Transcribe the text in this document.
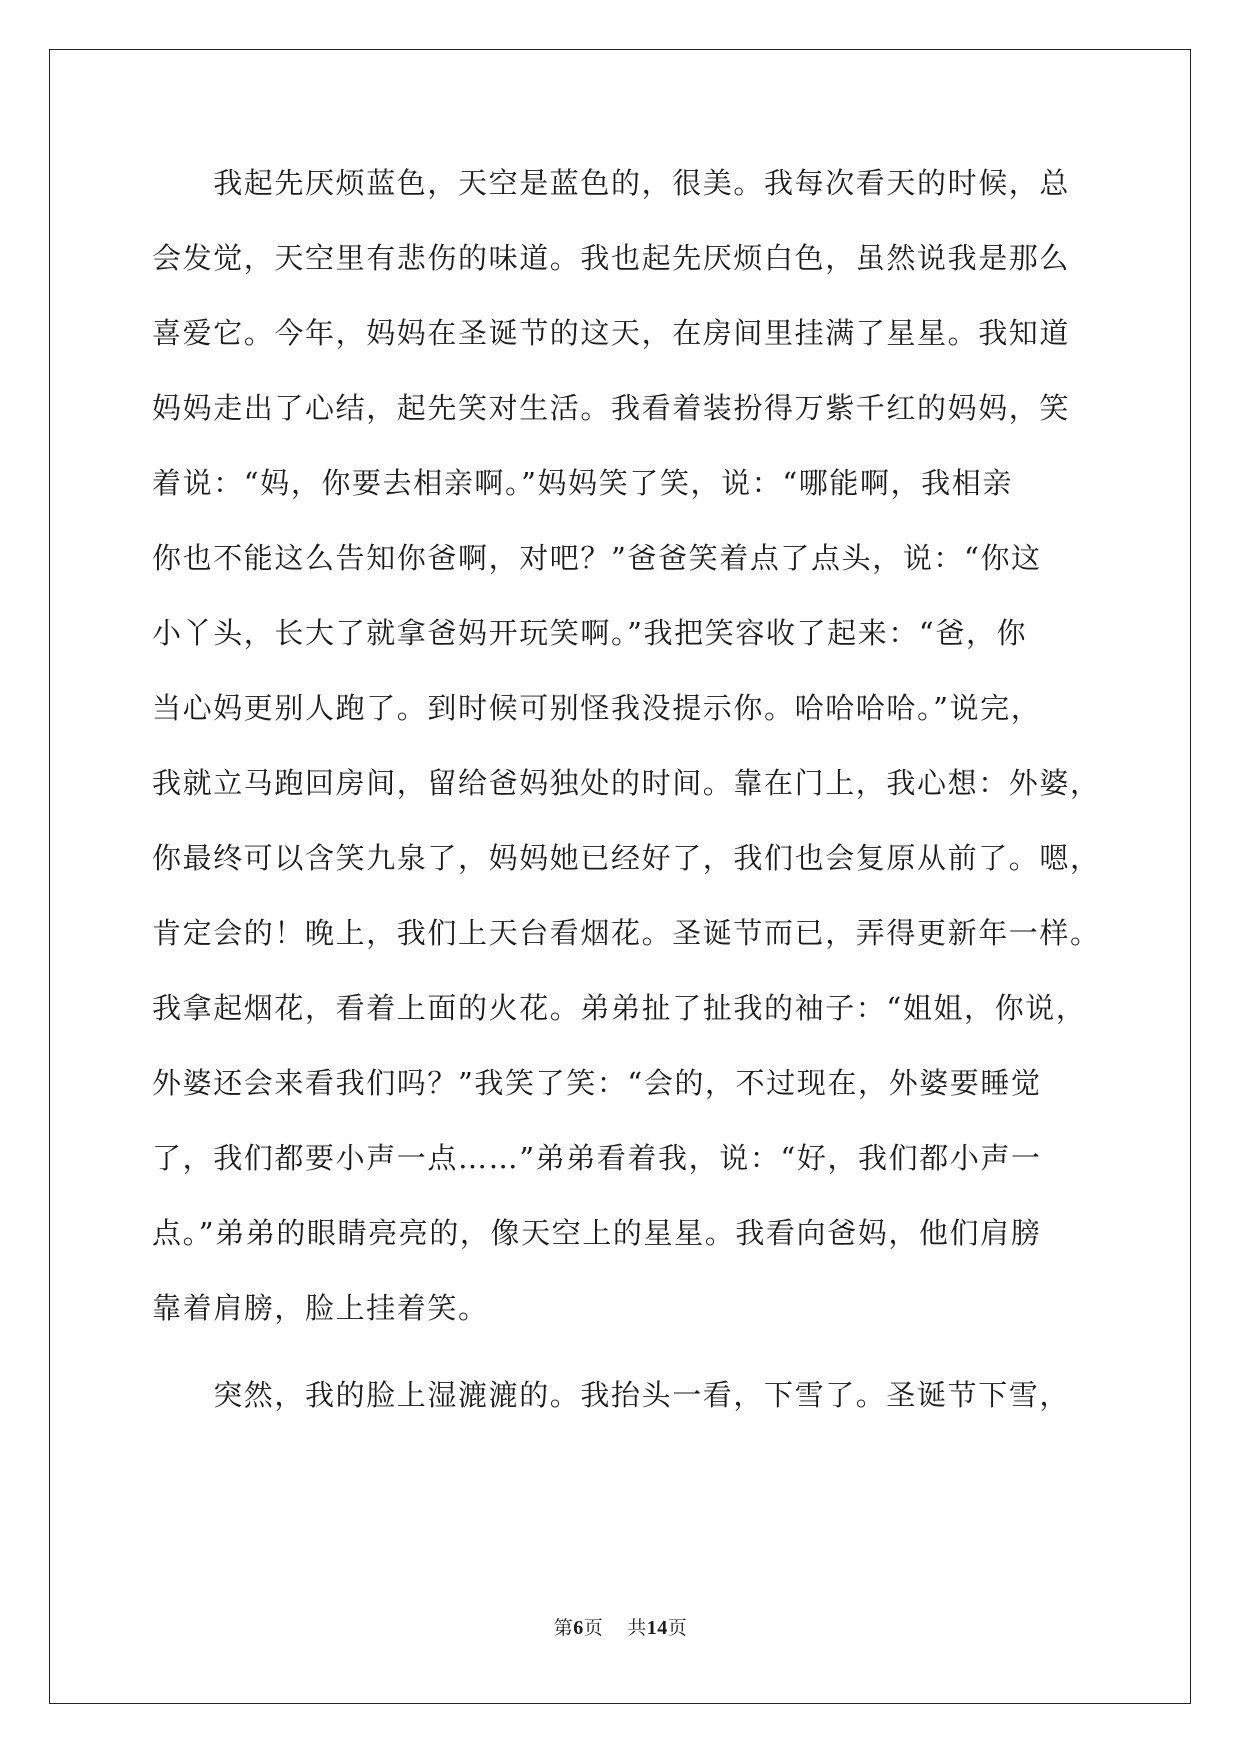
　　我起先厌烦蓝色，天空是蓝色的，很美。我每次看天的时候，总
会发觉，天空里有悲伤的味道。我也起先厌烦白色，虽然说我是那么
喜爱它。今年，妈妈在圣诞节的这天，在房间里挂满了星星。我知道
妈妈走出了心结，起先笑对生活。我看着装扮得万紫千红的妈妈，笑
着说：“妈，你要去相亲啊。”妈妈笑了笑，说：“哪能啊，我相亲
你也不能这么告知你爸啊，对吧？”爸爸笑着点了点头，说：“你这
小丫头，长大了就拿爸妈开玩笑啊。”我把笑容收了起来：“爸，你
当心妈更别人跑了。到时候可别怪我没提示你。哈哈哈哈。”说完，
我就立马跑回房间，留给爸妈独处的时间。靠在门上，我心想：外婆，
你最终可以含笑九泉了，妈妈她已经好了，我们也会复原从前了。嗯，
肯定会的！晚上，我们上天台看烟花。圣诞节而已，弄得更新年一样。
我拿起烟花，看着上面的火花。弟弟扯了扯我的袖子：“姐姐，你说，
外婆还会来看我们吗？”我笑了笑：“会的，不过现在，外婆要睡觉
了，我们都要小声一点……”弟弟看着我，说：“好，我们都小声一
点。”弟弟的眼睛亮亮的，像天空上的星星。我看向爸妈，他们肩膀
靠着肩膀，脸上挂着笑。
　　突然，我的脸上湿漉漉的。我抬头一看，下雪了。圣诞节下雪，
第6页 共14页
